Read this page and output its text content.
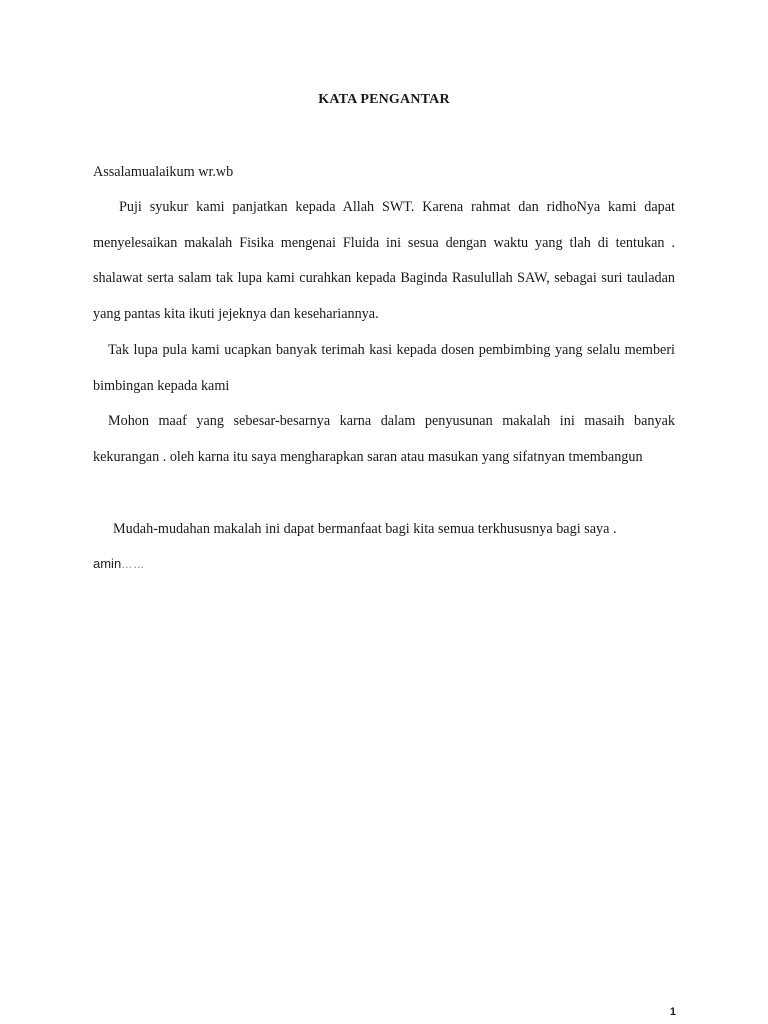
KATA PENGANTAR
Assalamualaikum wr.wb
Puji syukur kami panjatkan kepada Allah SWT. Karena rahmat dan ridhoNya kami dapat menyelesaikan makalah Fisika mengenai Fluida ini sesua dengan waktu yang tlah di tentukan . shalawat serta salam tak lupa kami curahkan kepada Baginda Rasulullah SAW, sebagai suri tauladan yang pantas kita ikuti jejeknya dan kesehariannya.
Tak lupa pula kami ucapkan banyak terimah kasi kepada dosen pembimbing yang selalu memberi bimbingan kepada kami
Mohon maaf yang sebesar-besarnya karna dalam penyusunan makalah ini masaih banyak kekurangan . oleh karna itu saya mengharapkan saran atau masukan yang sifatnyan tmembangun
Mudah-mudahan makalah ini dapat bermanfaat bagi kita semua terkhususnya bagi saya .
amin……
1
